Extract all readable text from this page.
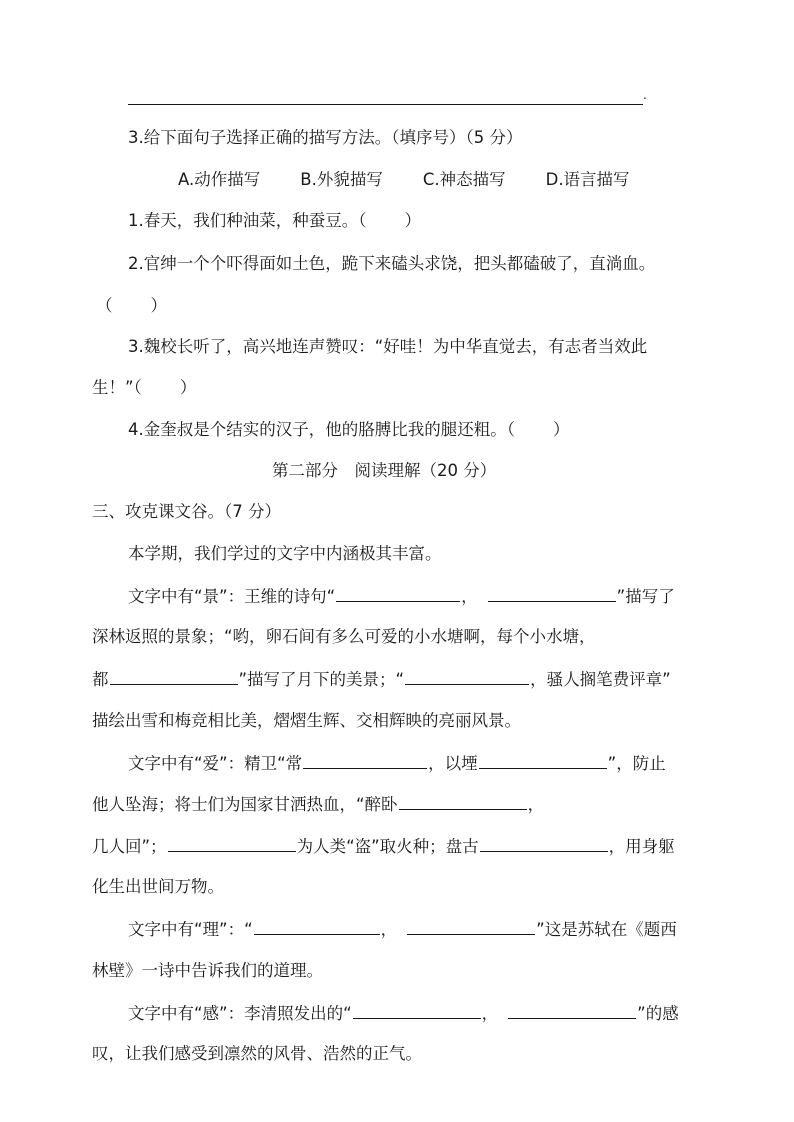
.
3.给下面句子选择正确的描写方法。（填序号）（5 分）
A.动作描写 B.外貌描写 C.神态描写 D.语言描写
1.春天，我们种油菜，种蚕豆。（ ）
2.官绅一个个吓得面如土色，跪下来磕头求饶，把头都磕破了，直淌血。
（ ）
3.魏校长听了，高兴地连声赞叹：“好哇！为中华直觉去，有志者当效此
生！”（ ）
4.金奎叔是个结实的汉子，他的胳膊比我的腿还粗。（ ）
第二部分　阅读理解（20 分）
三、攻克课文谷。（7 分）
本学期，我们学过的文字中内涵极其丰富。
文字中有“景”：王维的诗句“	，	”描写了
深林返照的景象；“哟，卵石间有多么可爱的小水塘啊，每个小水塘，
都	”描写了月下的美景；“	，骚人搁笔费评章”
描绘出雪和梅竞相比美，熠熠生辉、交相辉映的亮丽风景。
文字中有“爱”：精卫“常	，以堙	”，防止
他人坠海；将士们为国家甘洒热血，“醉卧	，
几人回”；	为人类“盗”取火种；盘古	，用身躯
化生出世间万物。
文字中有“理”：“	，	”这是苏轼在《题西
林壁》一诗中告诉我们的道理。
文字中有“感”：李清照发出的“	，	”的感
叹，让我们感受到凛然的风骨、浩然的正气。
